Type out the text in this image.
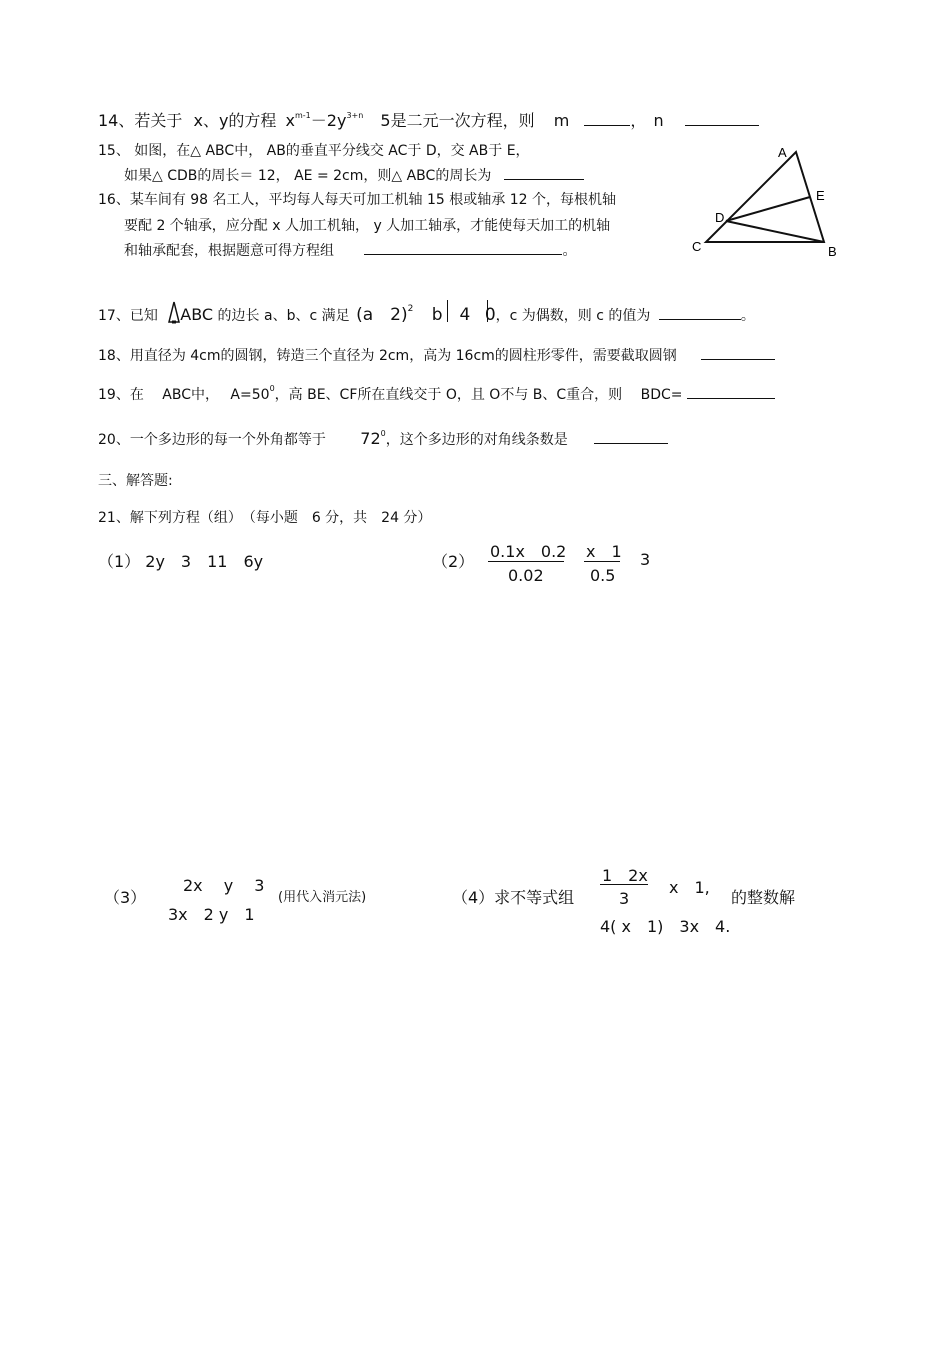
14、若关于 x、y的方程 $x^{m-1}-2y^{3+n}$ 5是二元一次方程，则 m	， n
15、 如图，在△ ABC中， AB的垂直平分线交 AC于 D，交 AB于 E，
如果△ CDB的周长＝ 12， AE = 2cm，则△ ABC的周长为
16、某车间有 98 名工人，平均每人每天可加工机轴 15 根或轴承 12 个，每根机轴
要配 2 个轴承，应分配 x 人加工机轴， y 人加工轴承，才能使每天加工的机轴
和轴承配套，根据题意可得方程组	。
A
B
C
D
E
17、已知 ABC 的边长 a、b、c 满足 (a　2)$^2$ b　4 0，c 为偶数，则 c 的值为	。
18、用直径为 4cm的圆钢，铸造三个直径为 2cm，高为 16cm的圆柱形零件，需要截取圆钢
19、在　 ABC中，　 $A=50^0$，高 BE、CF所在直线交于 O，且 O不与 B、C重合，则　 BDC=
20、一个多边形的每一个外角都等于 $72^0$，这个多边形的对角线条数是
三、解答题:
21、解下列方程（组）　（每小题　6 分，共　24 分）
（1） 2y　3　11　6y	（2）
0.1x　0.2
0.02
x　1
0.5
3
（3）
2x　 y　 3
3x　2 y　1
(用代入消元法)	（4）求不等式组
1　2x
3
x　1,
4( x　1)　3x　4.
的整数解
